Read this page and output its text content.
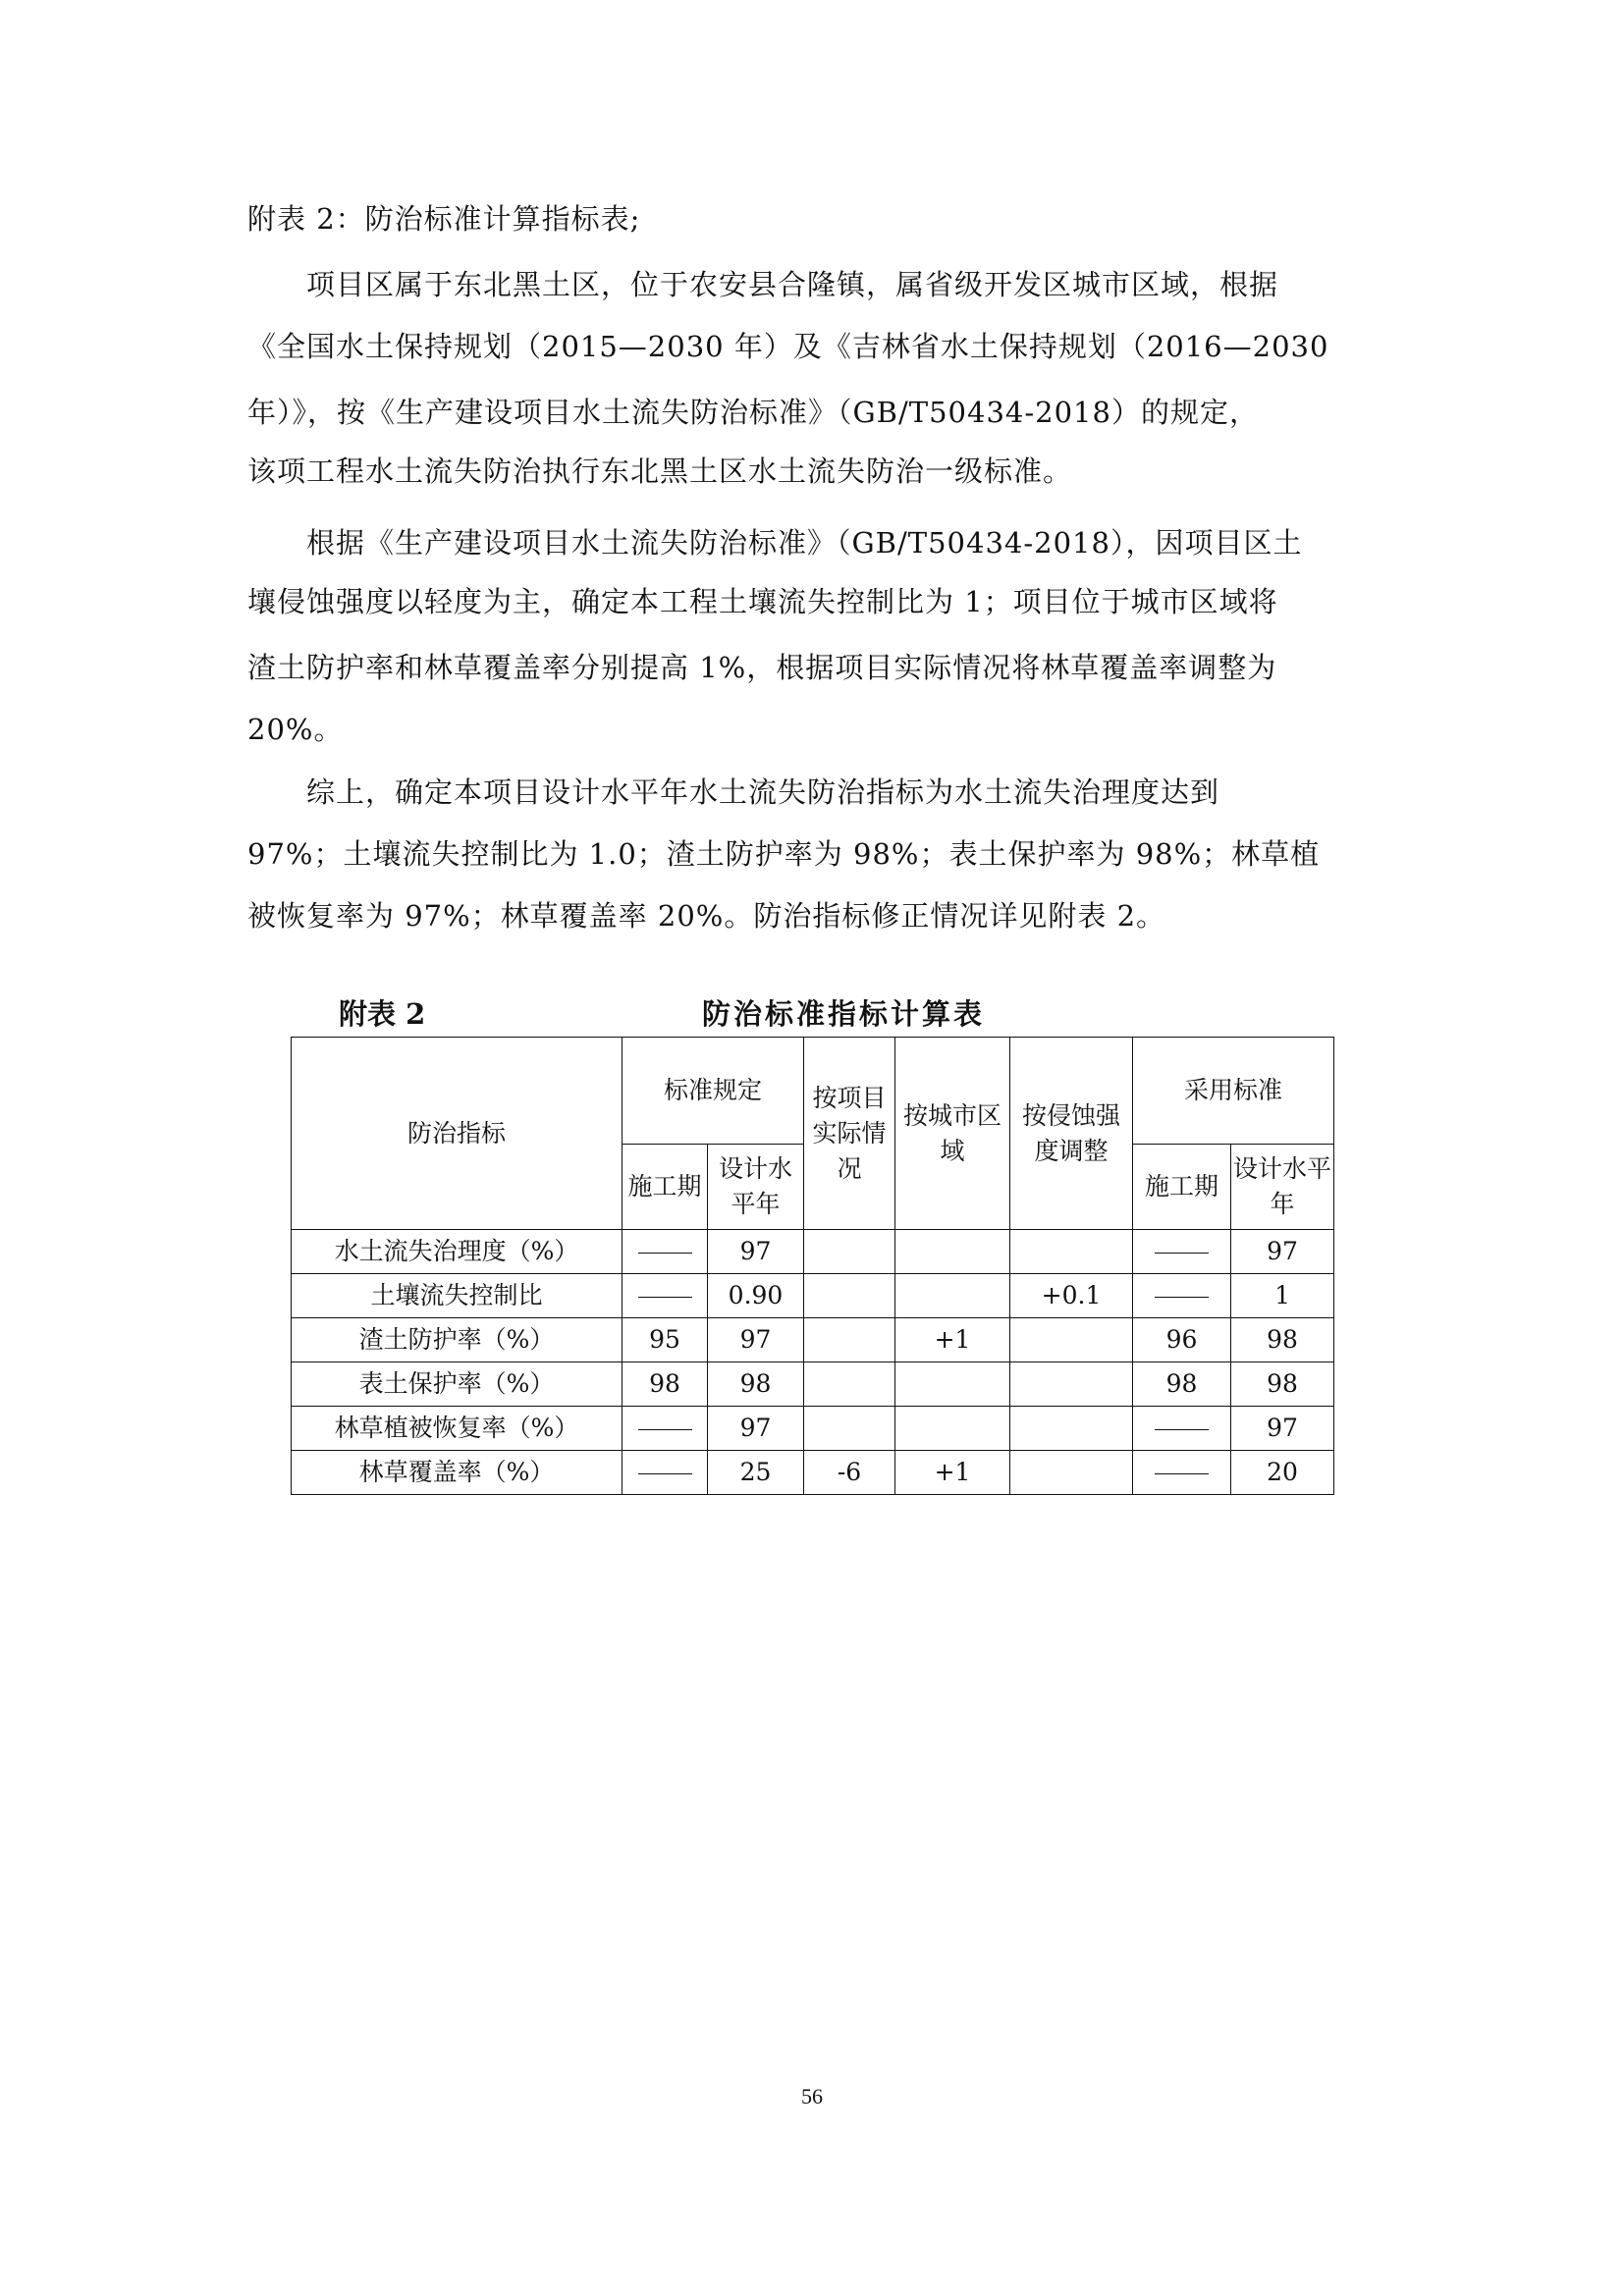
附表 2：防治标准计算指标表;
项目区属于东北黑土区，位于农安县合隆镇，属省级开发区城市区域，根据
《全国水土保持规划（2015—2030 年）及《吉林省水土保持规划（2016—2030
年）》，按《生产建设项目水土流失防治标准》（GB/T50434-2018）的规定，
该项工程水土流失防治执行东北黑土区水土流失防治一级标准。
根据《生产建设项目水土流失防治标准》（GB/T50434-2018），因项目区土
壤侵蚀强度以轻度为主，确定本工程土壤流失控制比为 1；项目位于城市区域将
渣土防护率和林草覆盖率分别提高 1%，根据项目实际情况将林草覆盖率调整为
20%。
综上，确定本项目设计水平年水土流失防治指标为水土流失治理度达到
97%；土壤流失控制比为 1.0；渣土防护率为 98%；表土保护率为 98%；林草植
被恢复率为 97%；林草覆盖率 20%。防治指标修正情况详见附表 2。
附表 2	防治标准指标计算表
防治指标	标准规定		按项目实际情况	按城市区域	按侵蚀强度调整	采用标准	
	施工期	设计水平年				施工期	设计水平年
水土流失治理度（%）		97					97
土壤流失控制比		0.90			+0.1		1
渣土防护率（%）	95	97		+1		96	98
表土保护率（%）	98	98				98	98
林草植被恢复率（%）		97					97
林草覆盖率（%）		25	-6	+1			20
56
